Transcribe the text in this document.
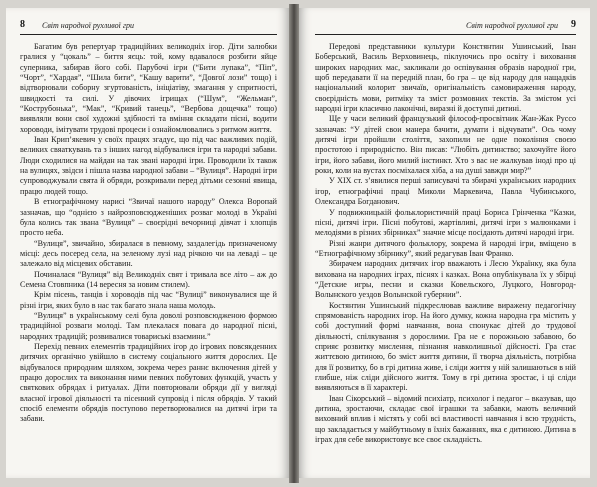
8 Світ народної рухливої гри

Багатим був репертуар традиційних великодніх ігор. Діти залюбки гралися у “цокаль” – биття яєць: той, кому вдавалося розбити яйце суперника, забирав його собі. Парубочі ігри (“Бити лупака”, “Піп”, “Чорт”, “Хардая”, “Шила бити”, “Кашу варити”, “Довгої лози” тощо) і відтворювали соборну згуртованість, ініціатіву, змагання у спритності, швидкості та силі. У дівочих ігрищах (“Шум”, “Жельман”, “Кострубонька”, “Мак”, “Кривий танець”, “Вербова дощечка” тощо) виявляли вони свої художні здібності та вміння складати пісні, водити хороводи, імітувати трудові процеси і ознайомлювались з ритмом життя.

Іван Крип’якевич у своїх працях згадує, що під час важливих подій, великих свяаткувань та з інших нагод відбувалися ігри та народні забави. Люди сходилися на майдан на так звані народні ігри. Проводили їх також на вулицях, звідси і пішла назва народної забави – “Вулиця”. Народні ігри супроводжували свята й обряди, розкривали перед дітьми сезонні явища, працю людей тощо.

В етнографічному нарисі “Звичаї нашого народу” Олекса Воропай зазначав, що “однією з найрозповсюдженіших розваг молоді в Україні була колись так звана “Вулиця” – своєрідні вечорниці дівчат і хлопців просто неба.

“Вулиця”, звичайно, збиралася в певному, заздалегідь призначеному місці: десь посеред села, на зеленому лузі над річкою чи на леваді – це залежало від місцевих обставин.

Починалася “Вулиця” від Великодніх свят і тривала все літо – аж до Семена Стовпника (14 вересня за новим стилем).

Крім пісень, танців і хороводів під час “Вулиці” виконувалися ще й різні ігри, яких було в нас так багато знала наша молодь.

“Вулиця” в українському селі була доволі розповсюдженою формою традиційної розваги молоді. Там плекалася повага до народної пісні, народних традицій; розвивалися товариські взаємини.”

Перехід певних елементів традиційних ігор до ігрових повсякденних дитячих органічно увійшло в систему соціального життя дорослих. Це відбувалося природним шляхом, зокрема через раннє включення дітей у працю дорослих та виконання ними певних побутових функцій, участь у святкових обрядах і ритуалах. Діти повторювали обряди дії у вигляді власної ігрової діяльності та пісенний супровід і після обрядів. У такий спосіб елементи обрядів поступово перетворювалися на дитячі ігри та забави.

Світ народної рухливої гри 9

Передові представники культури Констянтин Ушинський, Іван Боберський, Василь Верховинець, піклуючись про освіту і виховання широких народних мас, закликали до оспівування образів народної гри, щоб передавати її на передній план, бо гра – це від народу для нащадків національний колорит звичаїв, оригінальність самовираження народу, своєрідність мови, ритміку та зміст розмовних текстів. За змістом усі народні ігри класично лаконічні, виразні й доступні дитині.

Ще у часи великий французький філософ-просвітник Жан-Жак Руссо зазначав: “У дітей свои манера бачити, думати і відчувати”. Ось чому дитячі ігри пройшли століття, захопили не одне покоління своєю простотою і природністю. Він писав: “Любіть дитинство; захочуйте його ігри, його забави, його милий інстинкт. Хто з вас не жалкував іноді про ці роки, коли на вустах посміхалася хіба, а на душі завжди мир?”

У XIX ст. з’явилися перші записувачі та збирачі українських народних ігор, етнографічні праці Миколи Маркевича, Павла Чубинського, Олександра Богданович.

У подвижницькій фольклористичній праці Бориса Грінченка “Казки, пісні, дитячі ігри. Пісні побутові, жартівливі, дитячі ігри з малюнками і мелодіями в різних збірниках” значне місце посідають дитячі народні ігри.

Різні жанри дитячого фольклору, зокрема й народні ігри, вміщено в “Етнографічному збірнику”, який редагував Іван Франко.

Збирачем народних дитячих ігор вважають і Лесю Українку, яка була вихована на народних іграх, піснях і казках. Вона опублікувала їх у збірці “Детские игры, песни и сказки Ковельского, Луцкого, Новгород-Волынского уездов Волынской губернии”.

Костянтин Ушинський підкреслював важливе виражену педагогічну спрямованість народних ігор. На його думку, кожна народна гра містить у собі доступний формі навчання, вона спонукає дітей до трудової діяльності, спілкування з дорослими. Гра не є порожньою забавою, бо сприяє розвитку мислення, пізнання навколишньої дійсності. Гра стає життєвою дитиною, бо зміст життя дитини, її творча діяльність, потрібна для її розвитку, бо в грі дитина живе, і сліди життя у ній залишаються в ній глибше, ніж сліди дійсного життя. Тому в грі дитина зростає, і ці сліди виявляються в її характері.

Іван Сікорський – відомий психіатр, психолог і педагог – вказував, що дитина, зростаючи, складає свої іграшки та забавки, мають величний виховний вплив і містять у собі всі властивості навчання і всю трудність, що закладається у майбутньому в їхніх бажаннях, яка є дитиною. Дитина в іграх для себе використовує все своє складність.
